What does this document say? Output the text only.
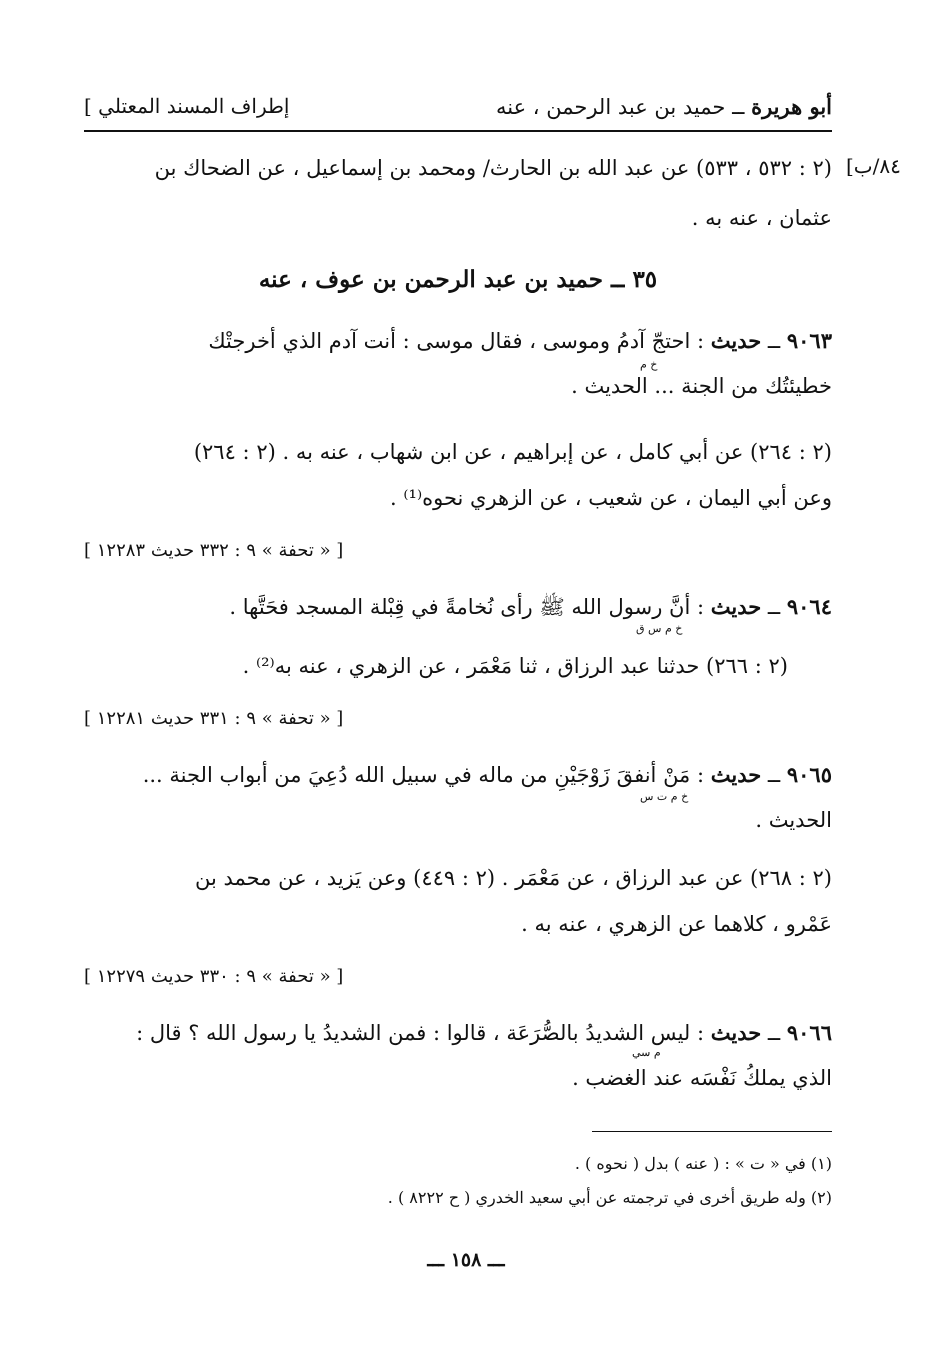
أبو هريرة ــ حميد بن عبد الرحمن ، عنه
[ إطراف المسند المعتلي
٨٤/ب]
(٢ : ٥٣٢ ، ٥٣٣) عن عبد الله بن الحارث/ ومحمد بن إسماعيل ، عن الضحاك بن
عثمان ، عنه به .
٣٥ ــ حميد بن عبد الرحمن بن عوف ، عنه
٩٠٦٣ ــ حديث : احتجّ آدمُ وموسى ، فقال موسى : أنت آدم الذي أخرجتْك
خ م
خطيئتُك من الجنة ... الحديث .
(٢ : ٢٦٤) عن أبي كامل ، عن إبراهيم ، عن ابن شهاب ، عنه به . (٢ : ٢٦٤)
وعن أبي اليمان ، عن شعيب ، عن الزهري نحوه⁽¹⁾ .
[ « تحفة » ٩ : ٣٣٢ حديث ١٢٢٨٣ ]
٩٠٦٤ ــ حديث : أنَّ رسول الله ﷺ رأى نُخامةً في قِبْلة المسجد فحَتَّها .
خ م س ق
(٢ : ٢٦٦) حدثنا عبد الرزاق ، ثنا مَعْمَر ، عن الزهري ، عنه به⁽²⁾ .
[ « تحفة » ٩ : ٣٣١ حديث ١٢٢٨١ ]
٩٠٦٥ ــ حديث : مَنْ أنفقَ زَوْجَيْنِ من ماله في سبيل الله دُعِيَ من أبواب الجنة ...
خ م ت س
الحديث .
(٢ : ٢٦٨) عن عبد الرزاق ، عن مَعْمَر . (٢ : ٤٤٩) وعن يَزيد ، عن محمد بن
عَمْرو ، كلاهما عن الزهري ، عنه به .
[ « تحفة » ٩ : ٣٣٠ حديث ١٢٢٧٩ ]
٩٠٦٦ ــ حديث : ليس الشديدُ بالصُّرَعَة ، قالوا : فمن الشديدُ يا رسول الله ؟ قال :
م سي
الذي يملكُ نَفْسَه عند الغضب .
(١) في « ت » : ( عنه ) بدل ( نحوه ) .
(٢) وله طريق أخرى في ترجمته عن أبي سعيد الخدري ( ح ٨٢٢٢ ) .
ـــ ١٥٨ ـــ
